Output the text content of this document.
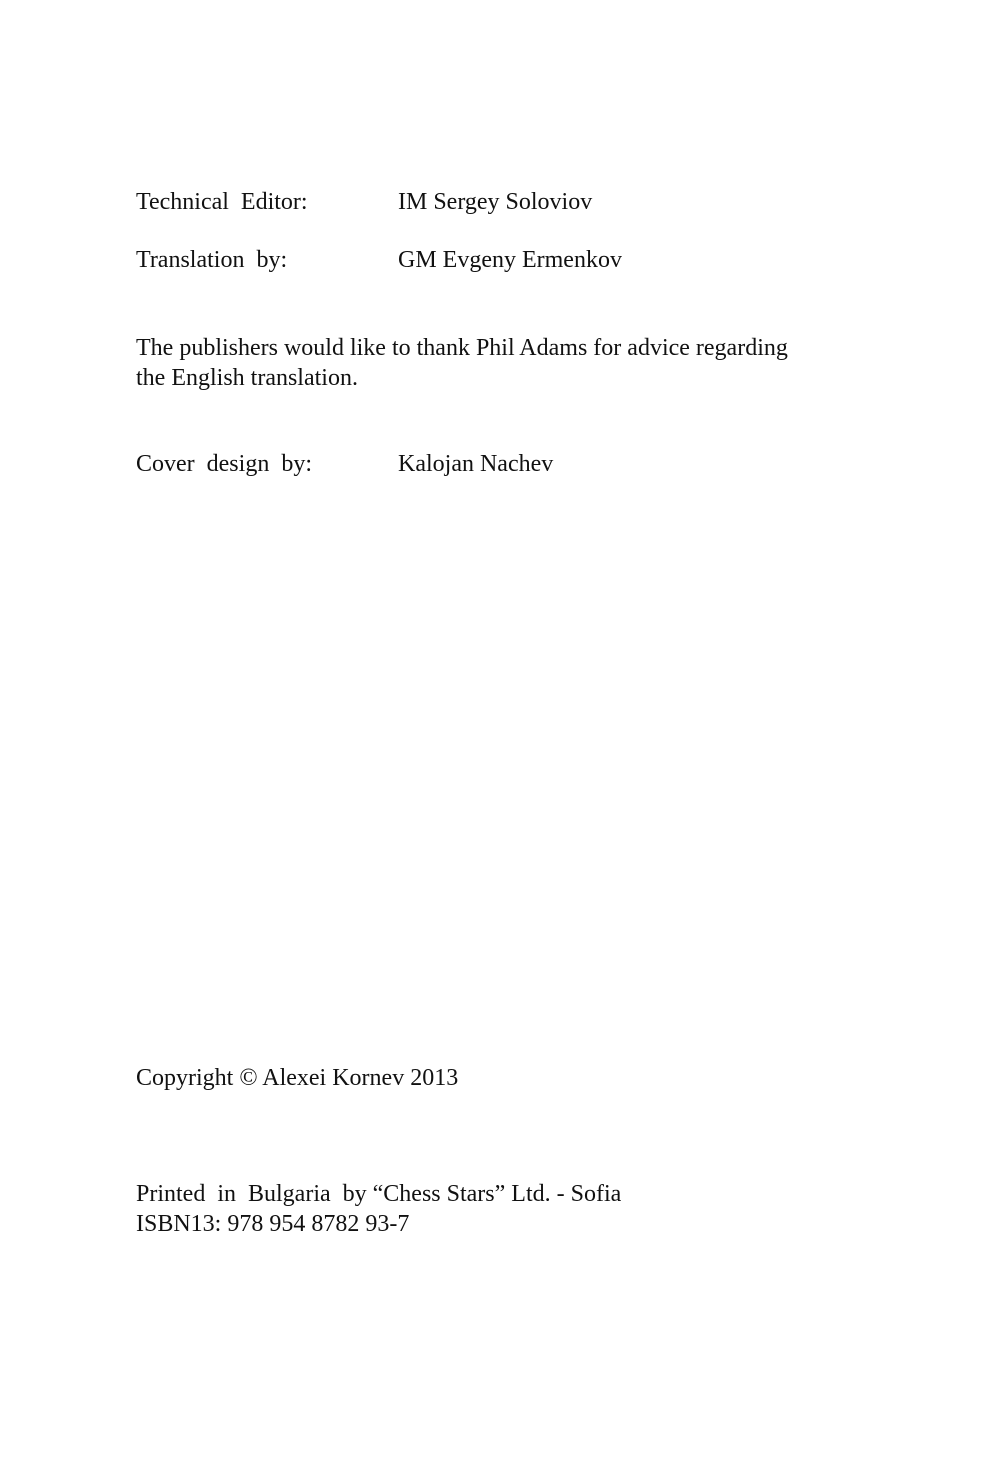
Technical  Editor:	IM Sergey Soloviov
Translation  by:	GM Evgeny Ermenkov
The publishers would like to thank Phil Adams for advice regarding
the English translation.
Cover  design  by:	Kalojan Nachev
Copyright © Alexei Kornev 2013
Printed  in  Bulgaria  by “Chess Stars” Ltd. - Sofia
ISBN13: 978 954 8782 93-7
